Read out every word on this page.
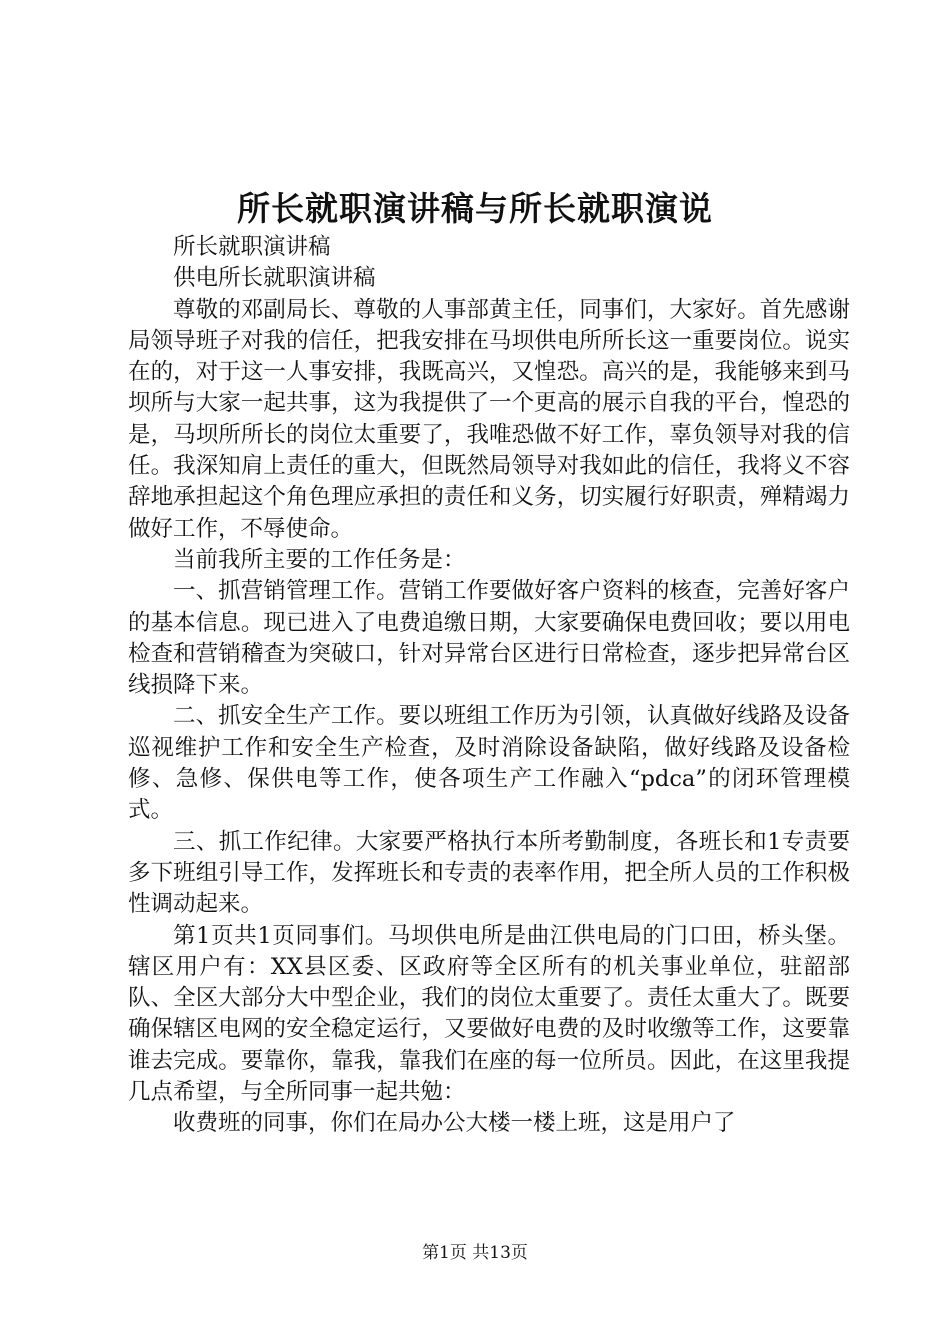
所长就职演讲稿与所长就职演说

所长就职演讲稿

供电所长就职演讲稿

尊敬的邓副局长、尊敬的人事部黄主任，同事们，大家好。首先感谢局领导班子对我的信任，把我安排在马坝供电所所长这一重要岗位。说实在的，对于这一人事安排，我既高兴，又惶恐。高兴的是，我能够来到马坝所与大家一起共事，这为我提供了一个更高的展示自我的平台，惶恐的是，马坝所所长的岗位太重要了，我唯恐做不好工作，辜负领导对我的信任。我深知肩上责任的重大，但既然局领导对我如此的信任，我将义不容辞地承担起这个角色理应承担的责任和义务，切实履行好职责，殚精竭力做好工作，不辱使命。

当前我所主要的工作任务是：

一、抓营销管理工作。营销工作要做好客户资料的核查，完善好客户的基本信息。现已进入了电费追缴日期，大家要确保电费回收；要以用电检查和营销稽查为突破口，针对异常台区进行日常检查，逐步把异常台区线损降下来。

二、抓安全生产工作。要以班组工作历为引领，认真做好线路及设备巡视维护工作和安全生产检查，及时消除设备缺陷，做好线路及设备检修、急修、保供电等工作，使各项生产工作融入“pdca”的闭环管理模式。

三、抓工作纪律。大家要严格执行本所考勤制度，各班长和1专责要多下班组引导工作，发挥班长和专责的表率作用，把全所人员的工作积极性调动起来。

第1页共1页同事们。马坝供电所是曲江供电局的门口田，桥头堡。辖区用户有：XX县区委、区政府等全区所有的机关事业单位，驻韶部队、全区大部分大中型企业，我们的岗位太重要了。责任太重大了。既要确保辖区电网的安全稳定运行，又要做好电费的及时收缴等工作，这要靠谁去完成。要靠你，靠我，靠我们在座的每一位所员。因此，在这里我提几点希望，与全所同事一起共勉：

收费班的同事，你们在局办公大楼一楼上班，这是用户了

第1页 共13页
